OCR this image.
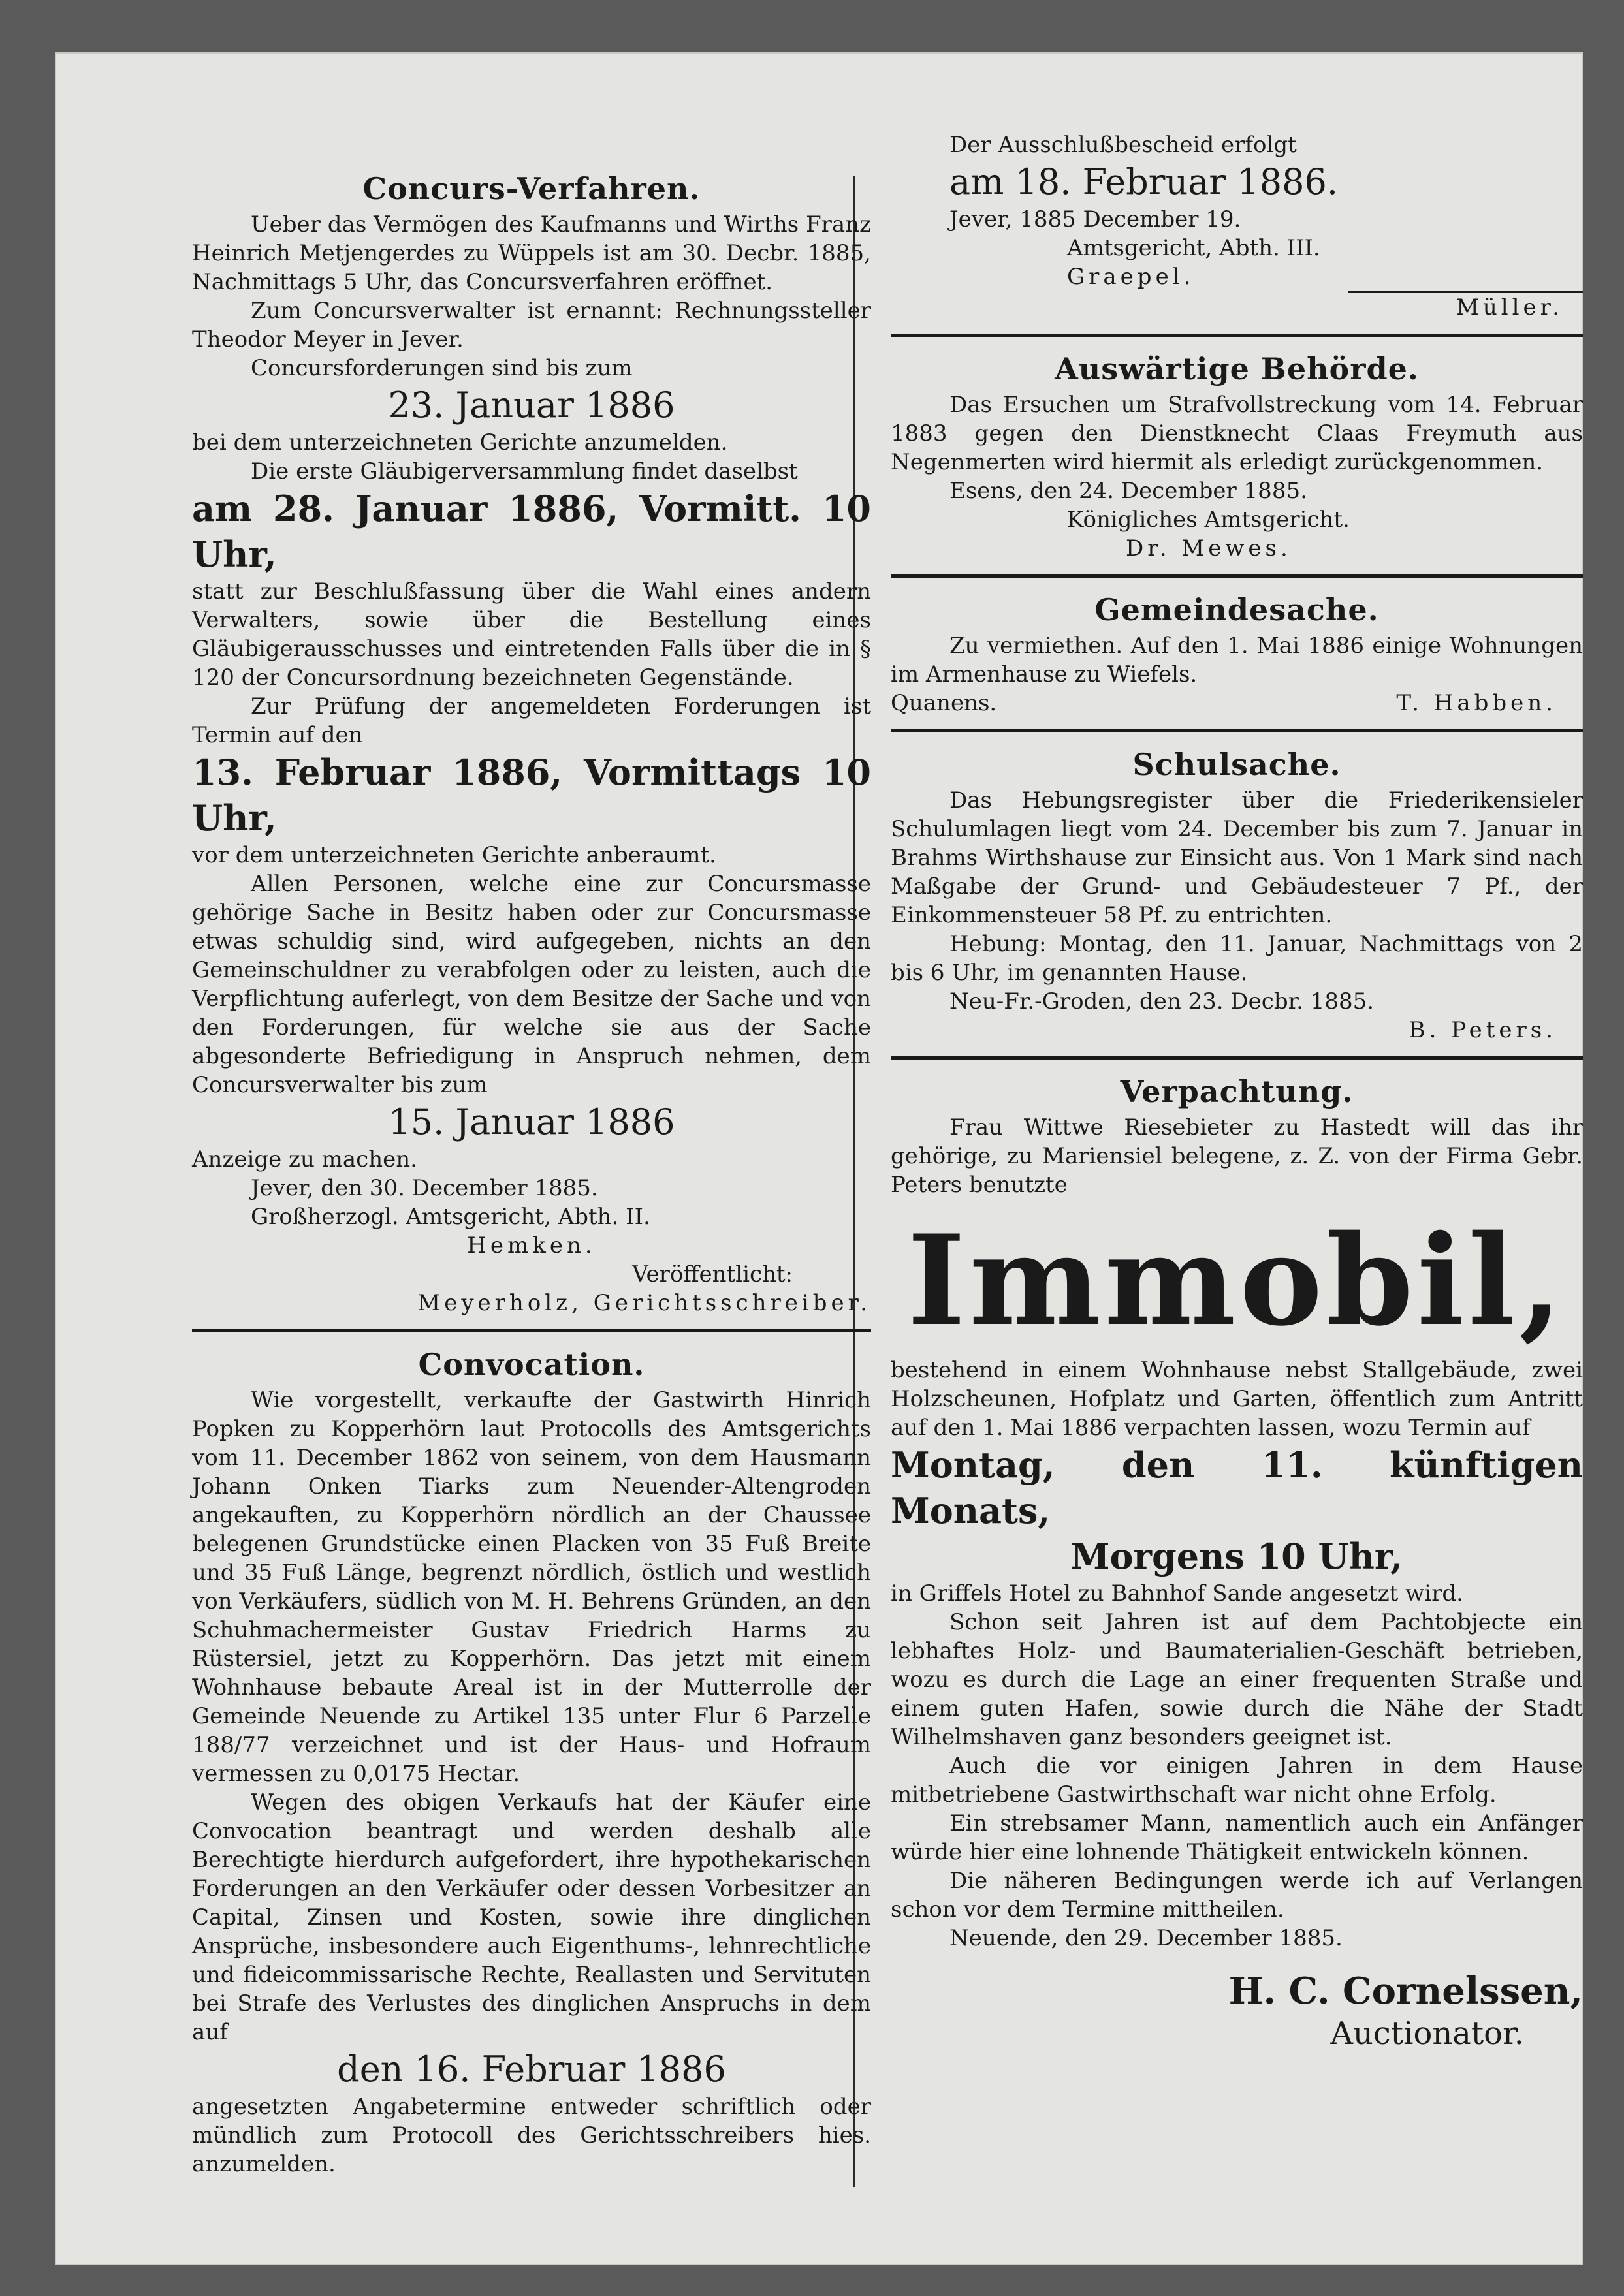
Concurs-Verfahren.

Ueber das Vermögen des Kaufmanns und Wirths Franz Heinrich Metjengerdes zu Wüppels ist am 30. Decbr. 1885, Nachmittags 5 Uhr, das Concursverfahren eröffnet.

Zum Concursverwalter ist ernannt: Rechnungssteller Theodor Meyer in Jever.

Concursforderungen sind bis zum

23. Januar 1886

bei dem unterzeichneten Gerichte anzumelden.

Die erste Gläubigerversammlung findet daselbst

am 28. Januar 1886, Vormitt. 10 Uhr,

statt zur Beschlußfassung über die Wahl eines andern Verwalters, sowie über die Bestellung eines Gläubigerausschusses und eintretenden Falls über die in § 120 der Concursordnung bezeichneten Gegenstände.

Zur Prüfung der angemeldeten Forderungen ist Termin auf den

13. Februar 1886, Vormittags 10 Uhr,

vor dem unterzeichneten Gerichte anberaumt.

Allen Personen, welche eine zur Concursmasse gehörige Sache in Besitz haben oder zur Concursmasse etwas schuldig sind, wird aufgegeben, nichts an den Gemeinschuldner zu verabfolgen oder zu leisten, auch die Verpflichtung auferlegt, von dem Besitze der Sache und von den Forderungen, für welche sie aus der Sache abgesonderte Befriedigung in Anspruch nehmen, dem Concursverwalter bis zum

15. Januar 1886

Anzeige zu machen.

Jever, den 30. December 1885.

Großherzogl. Amtsgericht, Abth. II.

Hemken.

Veröffentlicht:

Meyerholz, Gerichtsschreiber.

Convocation.

Wie vorgestellt, verkaufte der Gastwirth Hinrich Popken zu Kopperhörn laut Protocolls des Amtsgerichts vom 11. December 1862 von seinem, von dem Hausmann Johann Onken Tiarks zum Neuender-Altengroden angekauften, zu Kopperhörn nördlich an der Chaussee belegenen Grundstücke einen Placken von 35 Fuß Breite und 35 Fuß Länge, begrenzt nördlich, östlich und westlich von Verkäufers, südlich von M. H. Behrens Gründen, an den Schuhmachermeister Gustav Friedrich Harms zu Rüstersiel, jetzt zu Kopperhörn. Das jetzt mit einem Wohnhause bebaute Areal ist in der Mutterrolle der Gemeinde Neuende zu Artikel 135 unter Flur 6 Parzelle 188/77 verzeichnet und ist der Haus- und Hofraum vermessen zu 0,0175 Hectar.

Wegen des obigen Verkaufs hat der Käufer eine Convocation beantragt und werden deshalb alle Berechtigte hierdurch aufgefordert, ihre hypothekarischen Forderungen an den Verkäufer oder dessen Vorbesitzer an Capital, Zinsen und Kosten, sowie ihre dinglichen Ansprüche, insbesondere auch Eigenthums-, lehnrechtliche und fideicommissarische Rechte, Reallasten und Servituten bei Strafe des Verlustes des dinglichen Anspruchs in dem auf

den 16. Februar 1886

angesetzten Angabetermine entweder schriftlich oder mündlich zum Protocoll des Gerichtsschreibers hies. anzumelden.

Der Ausschlußbescheid erfolgt

am 18. Februar 1886.

Jever, 1885 December 19.

Amtsgericht, Abth. III.

Graepel.

Müller.

Auswärtige Behörde.

Das Ersuchen um Strafvollstreckung vom 14. Februar 1883 gegen den Dienstknecht Claas Freymuth aus Negenmerten wird hiermit als erledigt zurückgenommen.

Esens, den 24. December 1885.

Königliches Amtsgericht.

Dr. Mewes.

Gemeindesache.

Zu vermiethen. Auf den 1. Mai 1886 einige Wohnungen im Armenhause zu Wiefels.

Quanens.	T. Habben.

Schulsache.

Das Hebungsregister über die Friederikensieler Schulumlagen liegt vom 24. December bis zum 7. Januar in Brahms Wirthshause zur Einsicht aus. Von 1 Mark sind nach Maßgabe der Grund- und Gebäudesteuer 7 Pf., der Einkommensteuer 58 Pf. zu entrichten.

Hebung: Montag, den 11. Januar, Nachmittags von 2 bis 6 Uhr, im genannten Hause.

Neu-Fr.-Groden, den 23. Decbr. 1885.

B. Peters.

Verpachtung.

Frau Wittwe Riesebieter zu Hastedt will das ihr gehörige, zu Mariensiel belegene, z. Z. von der Firma Gebr. Peters benutzte

Immobil,

bestehend in einem Wohnhause nebst Stallgebäude, zwei Holzscheunen, Hofplatz und Garten, öffentlich zum Antritt auf den 1. Mai 1886 verpachten lassen, wozu Termin auf

Montag, den 11. künftigen Monats,

Morgens 10 Uhr,

in Griffels Hotel zu Bahnhof Sande angesetzt wird.

Schon seit Jahren ist auf dem Pachtobjecte ein lebhaftes Holz- und Baumaterialien-Geschäft betrieben, wozu es durch die Lage an einer frequenten Straße und einem guten Hafen, sowie durch die Nähe der Stadt Wilhelmshaven ganz besonders geeignet ist.

Auch die vor einigen Jahren in dem Hause mitbetriebene Gastwirthschaft war nicht ohne Erfolg.

Ein strebsamer Mann, namentlich auch ein Anfänger würde hier eine lohnende Thätigkeit entwickeln können.

Die näheren Bedingungen werde ich auf Verlangen schon vor dem Termine mittheilen.

Neuende, den 29. December 1885.

H. C. Cornelssen,

Auctionator.
